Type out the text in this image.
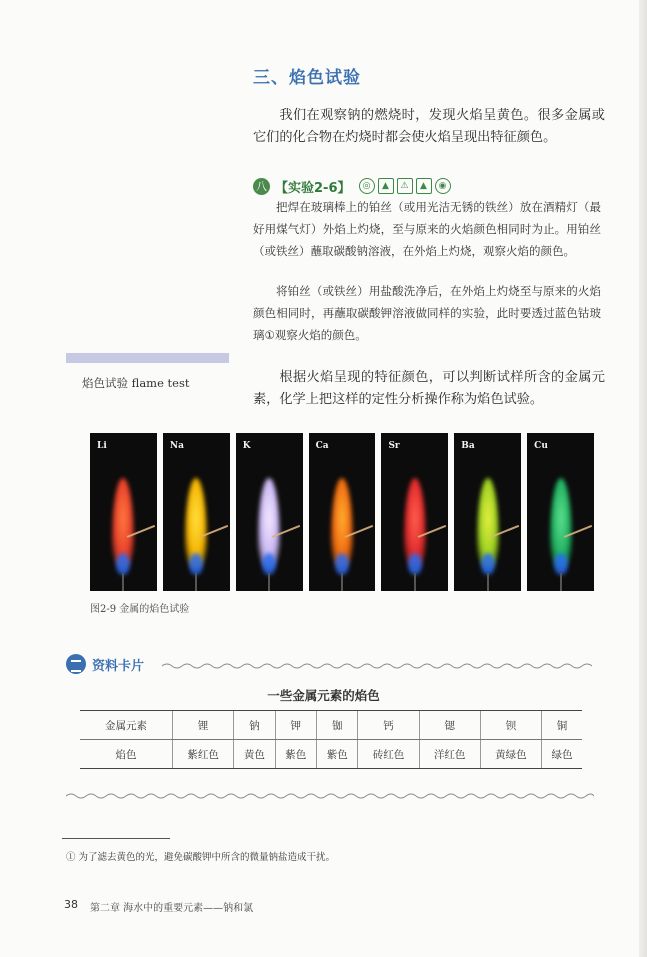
三、焰色试验
我们在观察钠的燃烧时，发现火焰呈黄色。很多金属或它们的化合物在灼烧时都会使火焰呈现出特征颜色。
八 【实验2-6】	◎	▲	⚠	▲	◉
把焊在玻璃棒上的铂丝（或用光洁无锈的铁丝）放在酒精灯（最好用煤气灯）外焰上灼烧，至与原来的火焰颜色相同时为止。用铂丝（或铁丝）蘸取碳酸钠溶液，在外焰上灼烧，观察火焰的颜色。
将铂丝（或铁丝）用盐酸洗净后，在外焰上灼烧至与原来的火焰颜色相同时，再蘸取碳酸钾溶液做同样的实验，此时要透过蓝色钴玻璃①观察火焰的颜色。
焰色试验 flame test	根据火焰呈现的特征颜色，可以判断试样所含的金属元素，化学上把这样的定性分析操作称为焰色试验。
Li	Na	K	Ca	Sr	Ba	Cu
图2-9 金属的焰色试验
资料卡片
一些金属元素的焰色
金属元素	锂	钠	钾	铷	钙	锶	钡	铜
焰色	紫红色	黄色	紫色	紫色	砖红色	洋红色	黄绿色	绿色
① 为了滤去黄色的光，避免碳酸钾中所含的微量钠盐造成干扰。
38 第二章 海水中的重要元素——钠和氯
